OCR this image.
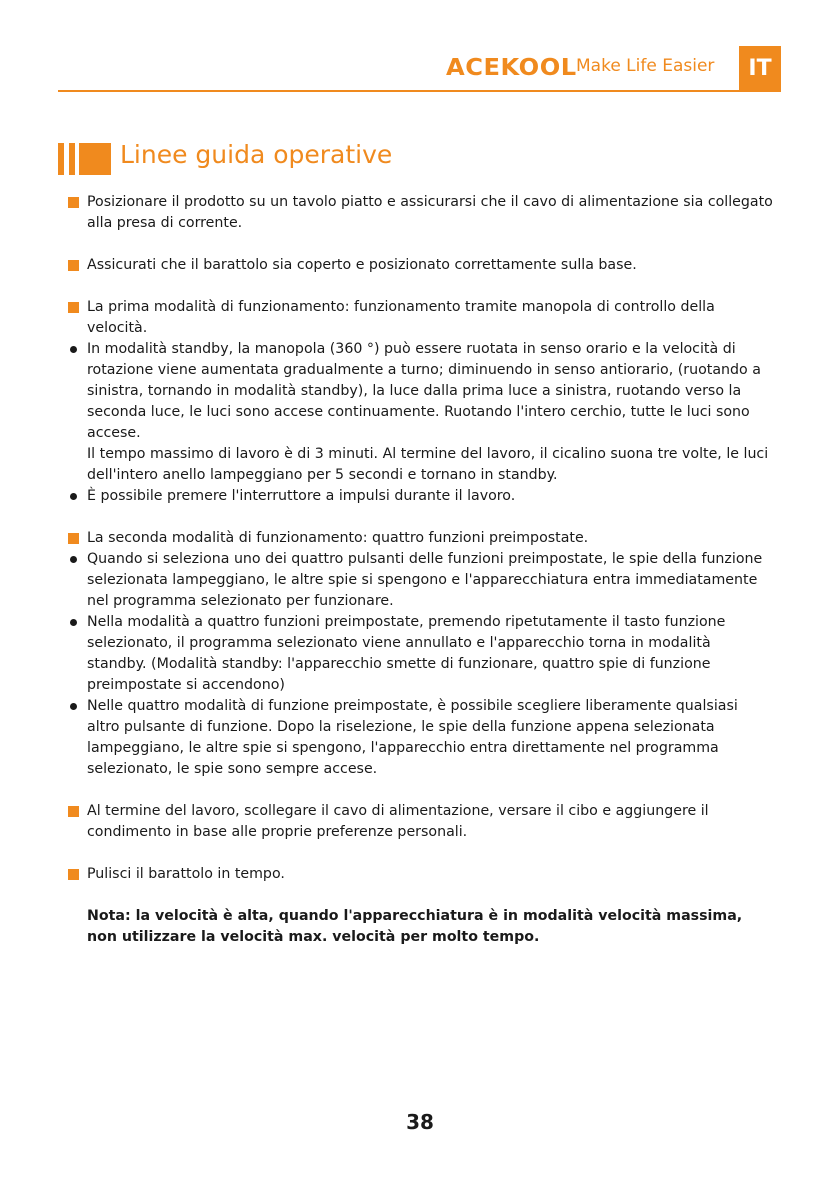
ACEKOOL Make Life Easier	IT
Linee guida operative
Posizionare il prodotto su un tavolo piatto e assicurarsi che il cavo di alimentazione sia collegato alla presa di corrente.
Assicurati che il barattolo sia coperto e posizionato correttamente sulla base.
La prima modalità di funzionamento: funzionamento tramite manopola di controllo della velocità.
In modalità standby, la manopola (360 °) può essere ruotata in senso orario e la velocità di rotazione viene aumentata gradualmente a turno; diminuendo in senso antiorario, (ruotando a sinistra, tornando in modalità standby), la luce dalla prima luce a sinistra, ruotando verso la seconda luce, le luci sono accese continuamente. Ruotando l'intero cerchio, tutte le luci sono accese.
Il tempo massimo di lavoro è di 3 minuti. Al termine del lavoro, il cicalino suona tre volte, le luci dell'intero anello lampeggiano per 5 secondi e tornano in standby.
È possibile premere l'interruttore a impulsi durante il lavoro.
La seconda modalità di funzionamento: quattro funzioni preimpostate.
Quando si seleziona uno dei quattro pulsanti delle funzioni preimpostate, le spie della funzione selezionata lampeggiano, le altre spie si spengono e l'apparecchiatura entra immediatamente nel programma selezionato per funzionare.
Nella modalità a quattro funzioni preimpostate, premendo ripetutamente il tasto funzione selezionato, il programma selezionato viene annullato e l'apparecchio torna in modalità standby. (Modalità standby: l'apparecchio smette di funzionare, quattro spie di funzione preimpostate si accendono)
Nelle quattro modalità di funzione preimpostate, è possibile scegliere liberamente qualsiasi altro pulsante di funzione. Dopo la riselezione, le spie della funzione appena selezionata lampeggiano, le altre spie si spengono, l'apparecchio entra direttamente nel programma selezionato, le spie sono sempre accese.
Al termine del lavoro, scollegare il cavo di alimentazione, versare il cibo e aggiungere il condimento in base alle proprie preferenze personali.
Pulisci il barattolo in tempo.
Nota: la velocità è alta, quando l'apparecchiatura è in modalità velocità massima, non utilizzare la velocità max. velocità per molto tempo.
38
